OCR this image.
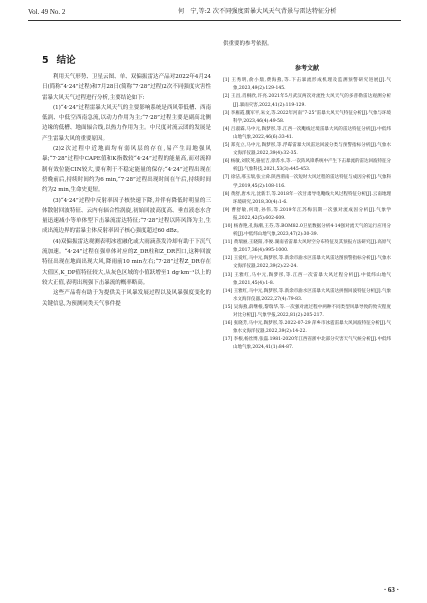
Vol. 49 No. 2	何　宁,等:2 次不同强度雷暴大风天气背景与雷达特征分析
5 结论

利用天气形势、卫星云图、单、双偏振雷达产品对2022年4月24日(简称“4·24”过程)和7月28日(简称“7·28”过程)2次不同强度灾害性雷暴大风天气过程进行分析,主要结论如下:

(1)“4·24”过程雷暴大风天气的主要影响系统是西风带低槽、西南低涡、中低空西南急流,以动力作用为主;“7·28”过程主要是副高北侧边缘的低槽、地面辐合线,以热力作用为主。中尺度对流云团的发展是产生雷暴大风的重要原因。

(2)2次过程中近地面均有弱风层的存在,易产生局地强风暴;“7·28”过程中CAPE值和K指数较“4·24”过程的能量高,而对流抑制有效位能CIN较大,要有利于不稳定能量的保存;“4·24”过程出现在傍晚前后,持续时间约为6 min,“7·28”过程出现时间在午后,持续时间约为2 min,生命史更短。

(3)“4·24”过程中反射率因子核快速下降,并伴有降低时明显的三体散射回波特征、云内有辐合性涡旋,初始回波高度高、垂直液态水含量迅速减小等单体型下击暴流雷达特征;“7·28”过程以阵风锋为主,生成出流边界的雷暴主体反射率因子核心强度超过60 dBz。

(4)双偏振雷达观测表明冰雹融化或大雨滴蒸发冷却有助于下沉气流加速。“4·24”过程在强单体对应的Z_DR柱和Z_DR凹口,这种回波特征出现在地面出现大风,降雨前10 min左右;“7·28”过程Z_DR存在大值区,K_DP值特征较大,从灰色区域的小值跃增至1 dg·km⁻¹以上的较大正值,表明出现强下击暴流的概率略高。

这些产品将有助于为提供关于风暴发展过程以及风暴强度变化的关键信息,为预测同类天气事件提

供重要的参考依据。

参考文献

[1] 王秀明,俞小鼎,费海燕,等.下击暴流形成机理及监测预警研究进展[J].气象,2023,49(2):129-145.

[2] 王昌,肖桐欣,许亮.2021年5月武汉两次对流性大风天气的多普勒雷达观测分析[J].暴雨灾害,2022,41(2):119-129.

[3] 李雁霞,魏军平,朱文,等.2022年河南“7·25”雷暴大风天气特征分析[J].气象与环境科学,2023,46(4):49-58.

[4] 吕淑霖,马中元,陶梦彤,等.江西一次飑线过境雷暴大风的雷达特征分析[J].中低纬山地气象,2022,46(6):33-41.

[5] 郑克立,马中元,陶梦彤,等.浮霉雷暴大风雷达回波分类与预警指标分析[J].气象水文海洋仪器,2022,39(4):32-35.

[6] 杨敏,刘钦英,骆星吉,徐苏水,等.一次阵风锋系统中产生下击暴流的雷达回波特征分析[J].气象科技,2021,53(3):445-453.

[7] 徐洁,邢玉瑞,张立舜.陕西渭南一次短时大风过程的雷达特征与成因分析[J].气象科学,2019,45(2):108-116.

[8] 黄舒,唐木元,沈新丰,等.2018年一次甘肃导电飑线大风过程特征分析[J].云南地理环境研究,2018,30(4):1-6.

[9] 曹舒敏,何琦,孙伟,等.2019年江苏梅汛期一次强对流成因分析[J].气象学报,2022,42(5):602-609.

[10] 杨春艳,孔海潮,王芬,等.BOM82.0卫星数据分析4·14强对流天气的运行应用分析[J].中低纬山地气象,2023,47(2):30-39.

[11] 黄瑞丽,王晓阳,李俊.湖南省雷暴大风时空分布特征及其预报方法研究[J].高原气象,2017,36(4):995-1000.

[12] 王爱红,马中元,陶梦彤,等.新余市渝水区雷暴大风雷达图预警指标分析[J].气象水文海洋仪器,2022,39(2):22-24.

[13] 王雅红,马中元,陶梦彤,等.江西一次雷暴大风过程分析[J].中低纬山地气象,2021,45(4):1-8.

[14] 王雅红,马中元,陶梦彤,等.新余市渝水区雷暴大风雷达拼图回波特征分析[J].气象水文海洋仪器,2022,27(4):79-83.

[15] 吴海燕,薛继根,黎瑞华,等.一次强对流过程中两种不同类型风暴导致的致灾程度对比分析[J].气象学报,2022,81(2):205-217.

[16] 张晓芳,马中元,陶梦彤,等.2022-07-29 萍乡市冰雹雷暴大风回波特征分析[J].气象水文海洋仪器,2022,39(2):14-22.

[17] 李根,杨丝博,张磊.1981-2020年江西省浙中北部分灾害天气气候分析[J].中低纬山地气象,2024,41(1):84-87.

· 63 ·
